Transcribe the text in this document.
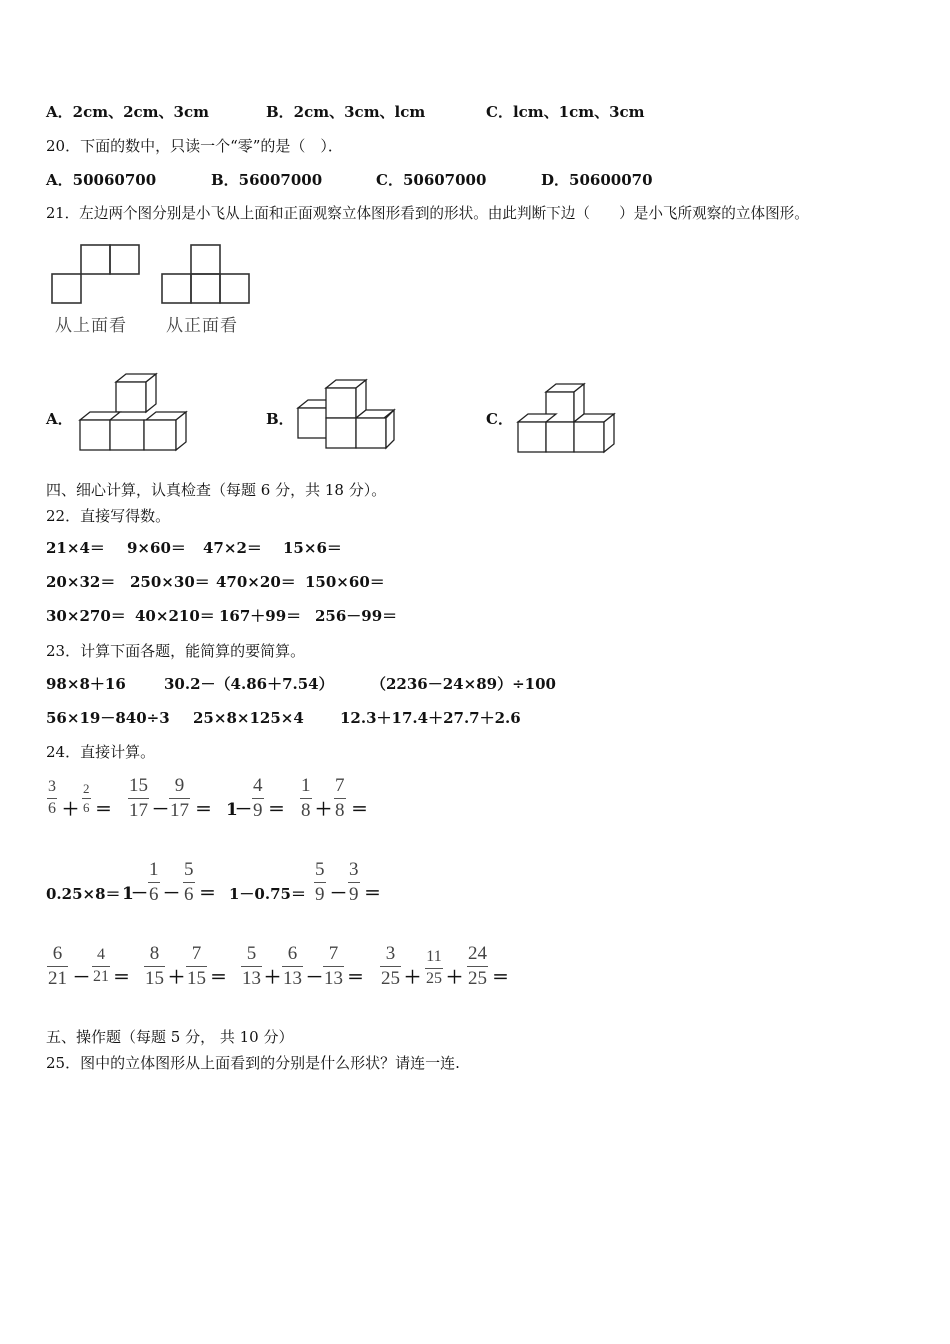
A．2cm、2cm、3cm	B．2cm、3cm、lcm	C．lcm、1cm、3cm
20．下面的数中，只读一个“零”的是（　）．
A．50060700	B．56007000	C．50607000	D．50600070
21．左边两个图分别是小飞从上面和正面观察立体图形看到的形状。由此判断下边（　　）是小飞所观察的立体图形。
从上面看 从正面看
A．	B．	C．
四、细心计算，认真检查（每题 6 分，共 18 分）。
22．直接写得数。
21×4＝ 9×60＝ 47×2＝ 15×6＝
20×32＝ 250×30＝ 470×20＝ 150×60＝
30×270＝ 40×210＝ 167＋99＝ 256－99＝
23．计算下面各题，能简算的要简算。
98×8＋16	30.2－（4.86＋7.54） （2236－24×89）÷100
56×19－840÷3 25×8×125×4 12.3＋17.4＋27.7＋2.6
24．直接计算。
3
6 ＋
2
6 ＝
15
17 －
9
17 ＝ 1
－
4
9 ＝
1
8 ＋
7
8 ＝
0.25×8＝ 1
－
1
6 －
5
6 ＝ 1－0.75＝
5
9 －
3
9 ＝
6
21 －
4
21 ＝
8
15 ＋
7
15 ＝
5
13 ＋
6
13 －
7
13 ＝
3
25 ＋
11
25 ＋
24
25 ＝
五、操作题（每题 5 分， 共 10 分）
25．图中的立体图形从上面看到的分别是什么形状？请连一连.
